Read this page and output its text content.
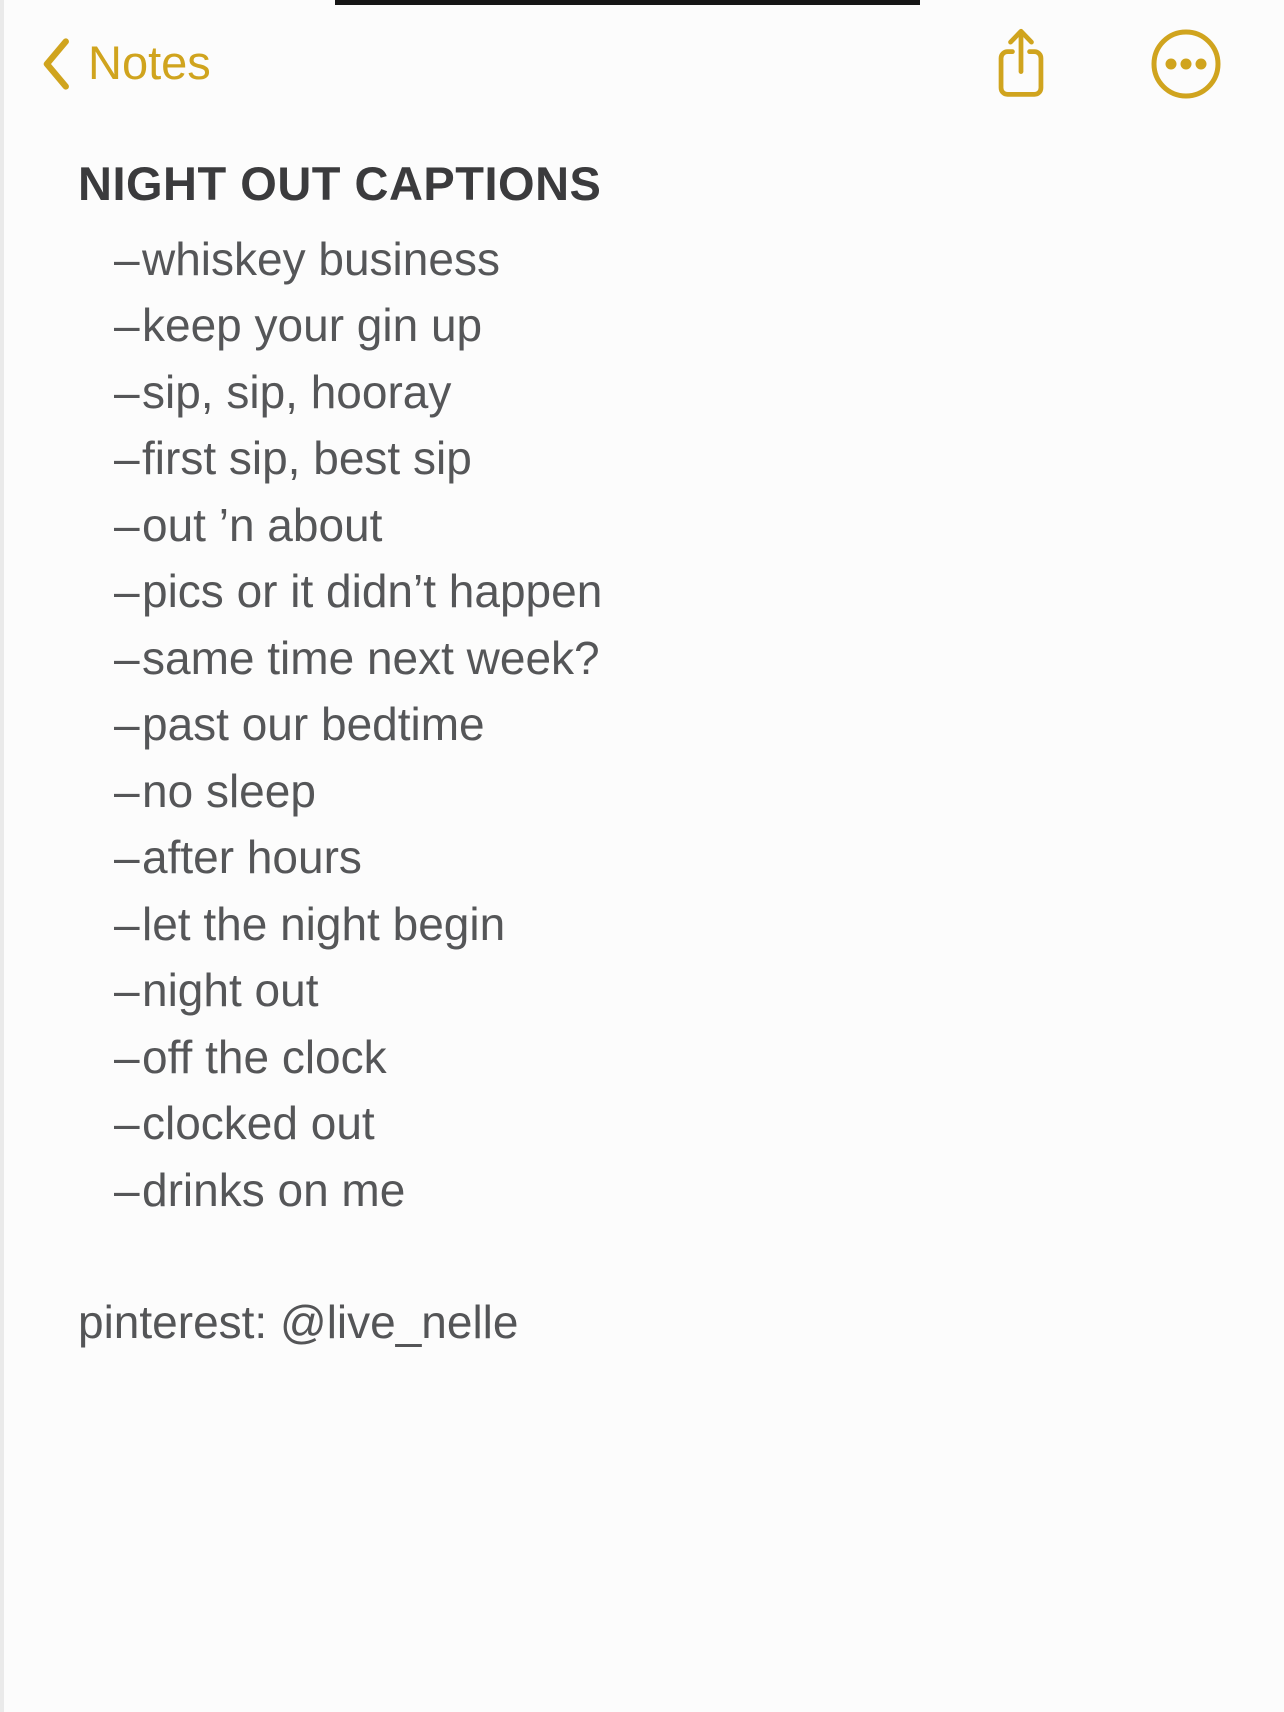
Notes
NIGHT OUT CAPTIONS
– whiskey business
– keep your gin up
– sip, sip, hooray
– first sip, best sip
– out ’n about
– pics or it didn’t happen
– same time next week?
– past our bedtime
– no sleep
– after hours
– let the night begin
– night out
– off the clock
– clocked out
– drinks on me
pinterest: @live_nelle
